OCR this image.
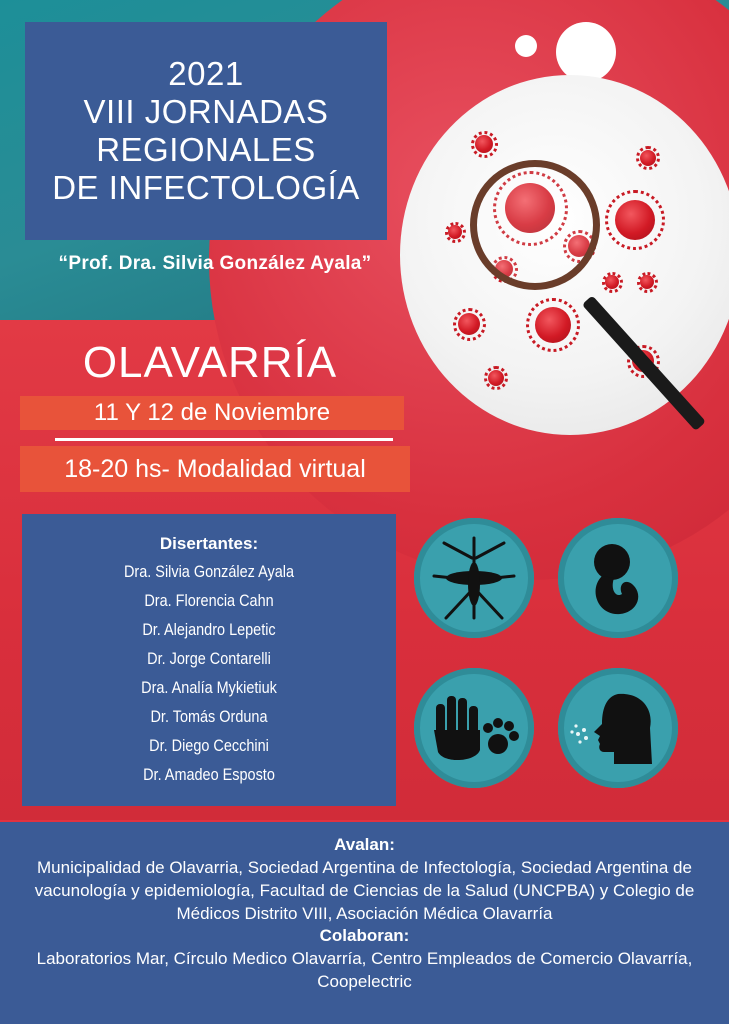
2021
VIII JORNADAS
REGIONALES
DE INFECTOLOGÍA
“Prof. Dra. Silvia González Ayala”
OLAVARRÍA
11 Y 12 de Noviembre
18-20 hs- Modalidad virtual
Disertantes:
Dra. Silvia González Ayala
Dra. Florencia Cahn
Dr. Alejandro Lepetic
Dr. Jorge Contarelli
Dra. Analía Mykietiuk
Dr. Tomás Orduna
Dr. Diego Cecchini
Dr. Amadeo Esposto
Avalan:
Municipalidad de Olavarria, Sociedad Argentina de Infectología, Sociedad Argentina de vacunología y epidemiología, Facultad de Ciencias de la Salud (UNCPBA) y Colegio de Médicos Distrito VIII, Asociación Médica Olavarría
Colaboran:
Laboratorios Mar, Círculo Medico Olavarría, Centro Empleados de Comercio Olavarría, Coopelectric
